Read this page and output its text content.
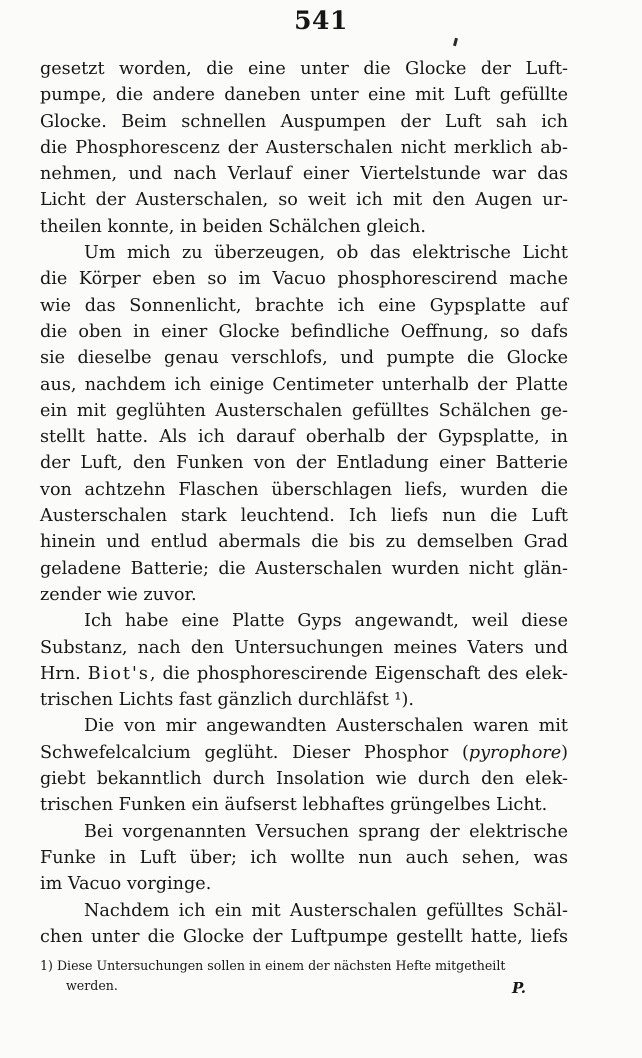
541
gesetzt worden, die eine unter die Glocke der Luft-
pumpe, die andere daneben unter eine mit Luft gefüllte
Glocke. Beim schnellen Auspumpen der Luft sah ich
die Phosphorescenz der Austerschalen nicht merklich ab-
nehmen, und nach Verlauf einer Viertelstunde war das
Licht der Austerschalen, so weit ich mit den Augen ur-
theilen konnte, in beiden Schälchen gleich.
Um mich zu überzeugen, ob das elektrische Licht
die Körper eben so im Vacuo phosphorescirend mache
wie das Sonnenlicht, brachte ich eine Gypsplatte auf
die oben in einer Glocke befindliche Oeffnung, so dafs
sie dieselbe genau verschlofs, und pumpte die Glocke
aus, nachdem ich einige Centimeter unterhalb der Platte
ein mit geglühten Austerschalen gefülltes Schälchen ge-
stellt hatte. Als ich darauf oberhalb der Gypsplatte, in
der Luft, den Funken von der Entladung einer Batterie
von achtzehn Flaschen überschlagen liefs, wurden die
Austerschalen stark leuchtend. Ich liefs nun die Luft
hinein und entlud abermals die bis zu demselben Grad
geladene Batterie; die Austerschalen wurden nicht glän-
zender wie zuvor.
Ich habe eine Platte Gyps angewandt, weil diese
Substanz, nach den Untersuchungen meines Vaters und
Hrn. Biot's, die phosphorescirende Eigenschaft des elek-
trischen Lichts fast gänzlich durchläfst ¹).
Die von mir angewandten Austerschalen waren mit
Schwefelcalcium geglüht. Dieser Phosphor (pyrophore)
giebt bekanntlich durch Insolation wie durch den elek-
trischen Funken ein äufserst lebhaftes grüngelbes Licht.
Bei vorgenannten Versuchen sprang der elektrische
Funke in Luft über; ich wollte nun auch sehen, was
im Vacuo vorginge.
Nachdem ich ein mit Austerschalen gefülltes Schäl-
chen unter die Glocke der Luftpumpe gestellt hatte, liefs
1) Diese Untersuchungen sollen in einem der nächsten Hefte mitgetheilt
werden.	P.
